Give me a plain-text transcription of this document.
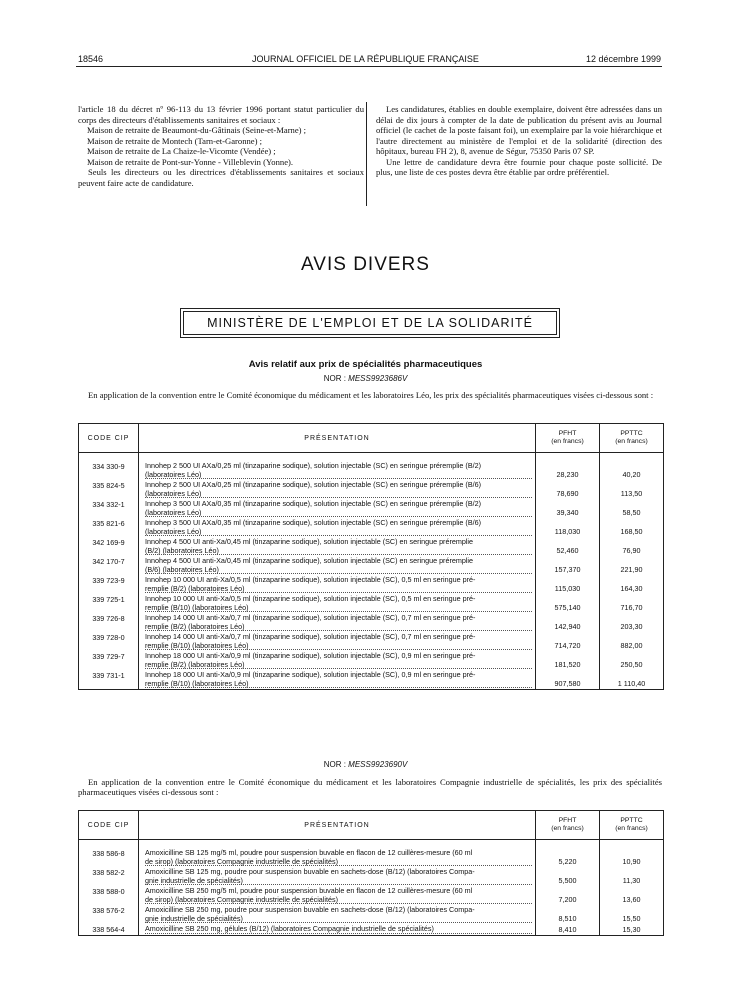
18546	JOURNAL OFFICIEL DE LA RÉPUBLIQUE FRANÇAISE	12 décembre 1999

l'article 18 du décret nº 96-113 du 13 février 1996 portant statut particulier du corps des directeurs d'établissements sanitaires et sociaux :

Maison de retraite de Beaumont-du-Gâtinais (Seine-et-Marne) ;

Maison de retraite de Montech (Tarn-et-Garonne) ;

Maison de retraite de La Chaize-le-Vicomte (Vendée) ;

Maison de retraite de Pont-sur-Yonne - Villeblevin (Yonne).

Seuls les directeurs ou les directrices d'établissements sanitaires et sociaux peuvent faire acte de candidature.

Les candidatures, établies en double exemplaire, doivent être adressées dans un délai de dix jours à compter de la date de publication du présent avis au Journal officiel (le cachet de la poste faisant foi), un exemplaire par la voie hiérarchique et l'autre directement au ministère de l'emploi et de la solidarité (direction des hôpitaux, bureau FH 2), 8, avenue de Ségur, 75350 Paris 07 SP.

Une lettre de candidature devra être fournie pour chaque poste sollicité. De plus, une liste de ces postes devra être établie par ordre préférentiel.

AVIS DIVERS
MINISTÈRE DE L'EMPLOI ET DE LA SOLIDARITÉ
Avis relatif aux prix de spécialités pharmaceutiques
NOR : MESS9923686V

En application de la convention entre le Comité économique du médicament et les laboratoires Léo, les prix des spécialités pharmaceutiques visées ci-dessous sont :

CODE CIP	PRÉSENTATION	PFHT
(en francs)	PPTTC
(en francs)

334 330-9	Innohep 2 500 UI AXa/0,25 ml (tinzaparine sodique), solution injectable (SC) en seringue préremplie (B/2)
(laboratoires Léo)	28,230	40,20
335 824-5	Innohep 2 500 UI AXa/0,25 ml (tinzaparine sodique), solution injectable (SC) en seringue préremplie (B/6)
(laboratoires Léo)	78,690	113,50
334 332-1	Innohep 3 500 UI AXa/0,35 ml (tinzaparine sodique), solution injectable (SC) en seringue préremplie (B/2)
(laboratoires Léo)	39,340	58,50
335 821-6	Innohep 3 500 UI AXa/0,35 ml (tinzaparine sodique), solution injectable (SC) en seringue préremplie (B/6)
(laboratoires Léo)	118,030	168,50
342 169-9	Innohep 4 500 UI anti-Xa/0,45 ml (tinzaparine sodique), solution injectable (SC) en seringue préremplie
(B/2) (laboratoires Léo)	52,460	76,90
342 170-7	Innohep 4 500 UI anti-Xa/0,45 ml (tinzaparine sodique), solution injectable (SC) en seringue préremplie
(B/6) (laboratoires Léo)	157,370	221,90
339 723-9	Innohep 10 000 UI anti-Xa/0,5 ml (tinzaparine sodique), solution injectable (SC), 0,5 ml en seringue pré-
remplie (B/2) (laboratoires Léo)	115,030	164,30
339 725-1	Innohep 10 000 UI anti-Xa/0,5 ml (tinzaparine sodique), solution injectable (SC), 0,5 ml en seringue pré-
remplie (B/10) (laboratoires Léo)	575,140	716,70
339 726-8	Innohep 14 000 UI anti-Xa/0,7 ml (tinzaparine sodique), solution injectable (SC), 0,7 ml en seringue pré-
remplie (B/2) (laboratoires Léo)	142,940	203,30
339 728-0	Innohep 14 000 UI anti-Xa/0,7 ml (tinzaparine sodique), solution injectable (SC), 0,7 ml en seringue pré-
remplie (B/10) (laboratoires Léo)	714,720	882,00
339 729-7	Innohep 18 000 UI anti-Xa/0,9 ml (tinzaparine sodique), solution injectable (SC), 0,9 ml en seringue pré-
remplie (B/2) (laboratoires Léo)	181,520	250,50
339 731-1	Innohep 18 000 UI anti-Xa/0,9 ml (tinzaparine sodique), solution injectable (SC), 0,9 ml en seringue pré-
remplie (B/10) (laboratoires Léo)	907,580	1 110,40
NOR : MESS9923690V

En application de la convention entre le Comité économique du médicament et les laboratoires Compagnie industrielle de spécialités, les prix des spécialités pharmaceutiques visées ci-dessous sont :

CODE CIP	PRÉSENTATION	PFHT
(en francs)	PPTTC
(en francs)

338 586-8	Amoxicilline SB 125 mg/5 ml, poudre pour suspension buvable en flacon de 12 cuillères-mesure (60 ml
de sirop) (laboratoires Compagnie industrielle de spécialités)	5,220	10,90
338 582-2	Amoxicilline SB 125 mg, poudre pour suspension buvable en sachets-dose (B/12) (laboratoires Compa-
gnie industrielle de spécialités)	5,500	11,30
338 588-0	Amoxicilline SB 250 mg/5 ml, poudre pour suspension buvable en flacon de 12 cuillères-mesure (60 ml
de sirop) (laboratoires Compagnie industrielle de spécialités)	7,200	13,60
338 576-2	Amoxicilline SB 250 mg, poudre pour suspension buvable en sachets-dose (B/12) (laboratoires Compa-
gnie industrielle de spécialités)	8,510	15,50
338 564-4	Amoxicilline SB 250 mg, gélules (B/12) (laboratoires Compagnie industrielle de spécialités)	8,410	15,30
